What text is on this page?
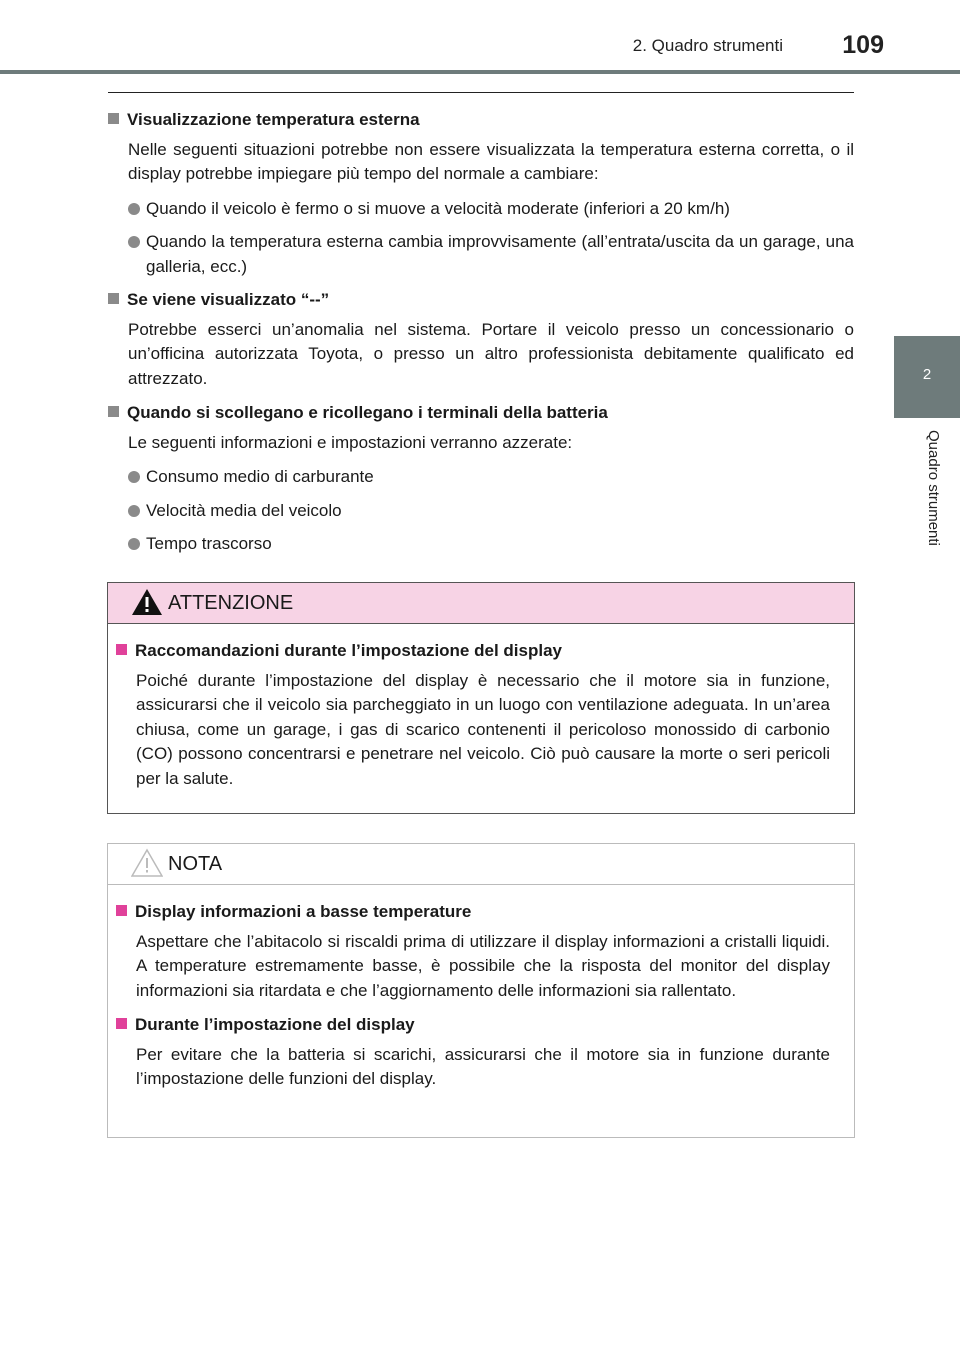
2. Quadro strumenti 109
2
Quadro strumenti
Visualizzazione temperatura esterna
Nelle seguenti situazioni potrebbe non essere visualizzata la temperatura esterna corretta, o il display potrebbe impiegare più tempo del normale a cambiare:
Quando il veicolo è fermo o si muove a velocità moderate (inferiori a 20 km/h)
Quando la temperatura esterna cambia improvvisamente (all’entrata/uscita da un garage, una galleria, ecc.)
Se viene visualizzato “--”
Potrebbe esserci un’anomalia nel sistema. Portare il veicolo presso un concessionario o un’officina autorizzata Toyota, o presso un altro professionista debitamente qualificato ed attrezzato.
Quando si scollegano e ricollegano i terminali della batteria
Le seguenti informazioni e impostazioni verranno azzerate:
Consumo medio di carburante
Velocità media del veicolo
Tempo trascorso
ATTENZIONE
Raccomandazioni durante l’impostazione del display
Poiché durante l’impostazione del display è necessario che il motore sia in funzione, assicurarsi che il veicolo sia parcheggiato in un luogo con ventilazione adeguata. In un’area chiusa, come un garage, i gas di scarico contenenti il pericoloso monossido di carbonio (CO) possono concentrarsi e penetrare nel veicolo. Ciò può causare la morte o seri pericoli per la salute.
NOTA
Display informazioni a basse temperature
Aspettare che l’abitacolo si riscaldi prima di utilizzare il display informazioni a cristalli liquidi. A temperature estremamente basse, è possibile che la risposta del monitor del display informazioni sia ritardata e che l’aggiornamento delle informazioni sia rallentato.
Durante l’impostazione del display
Per evitare che la batteria si scarichi, assicurarsi che il motore sia in funzione durante l’impostazione delle funzioni del display.
